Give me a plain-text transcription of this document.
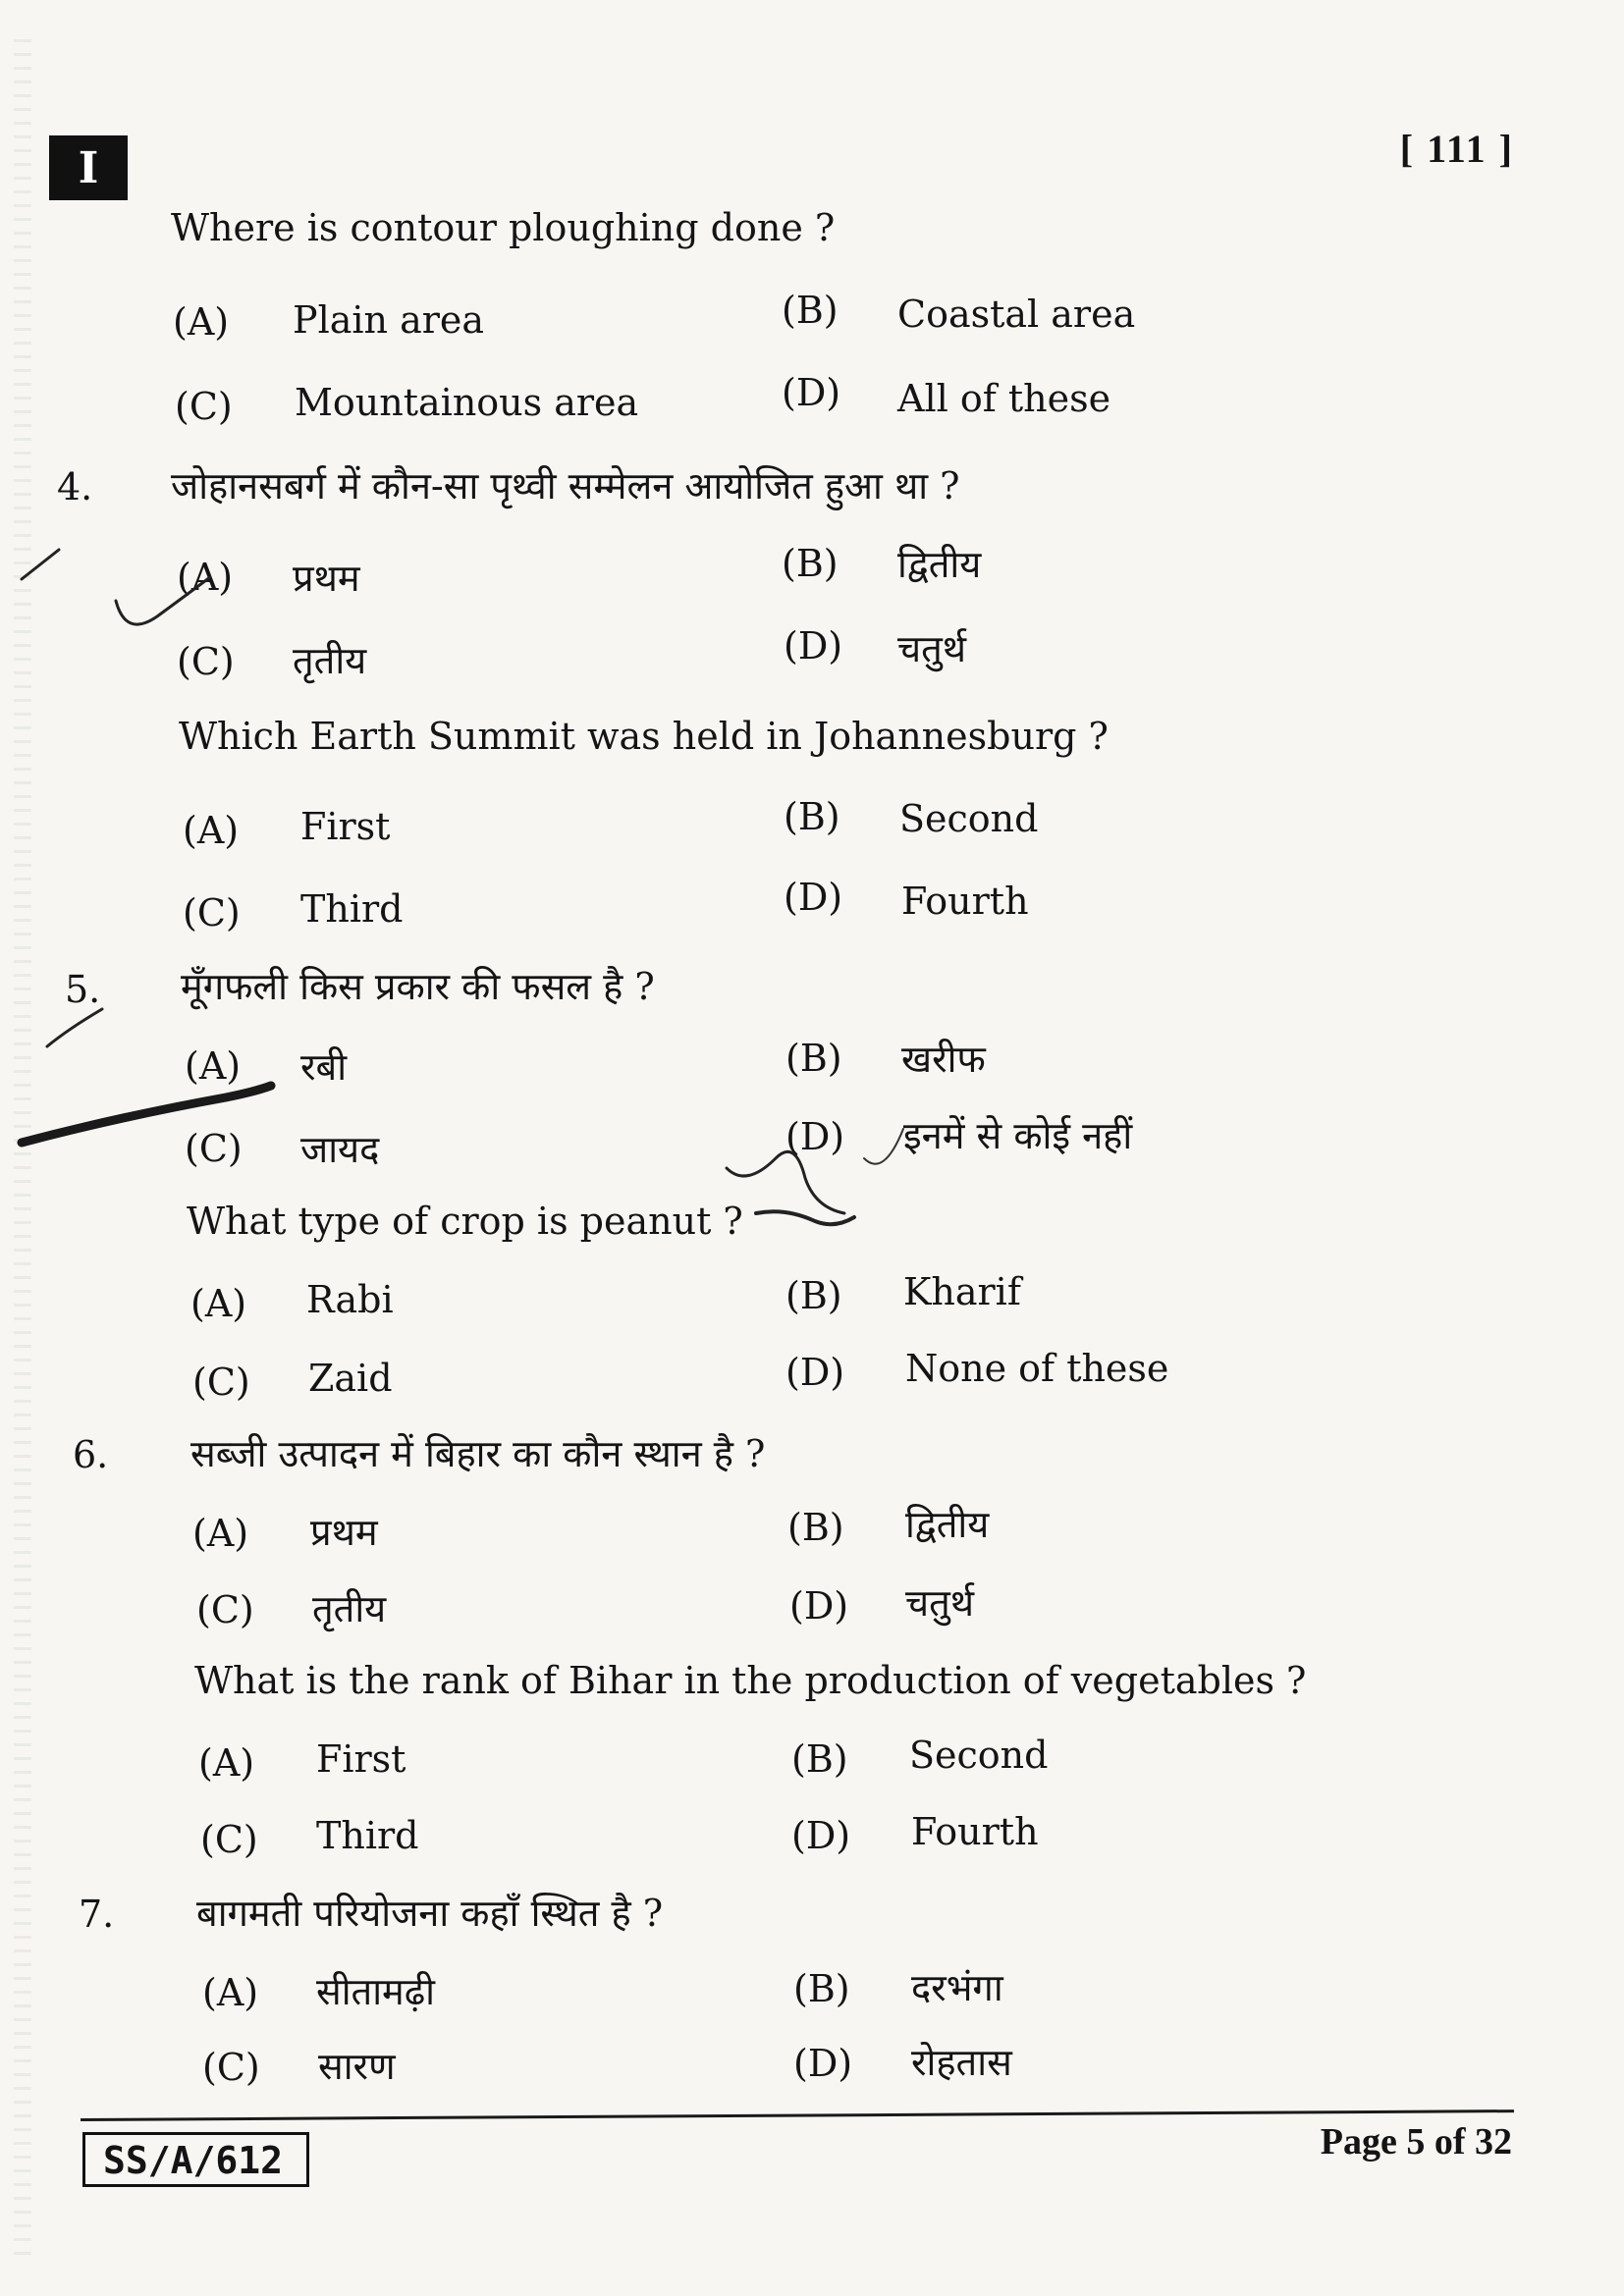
I	[ 111 ]
Where is contour ploughing done ?
(A) Plain area	(B) Coastal area
(C) Mountainous area	(D) All of these
4. जोहानसबर्ग में कौन-सा पृथ्वी सम्मेलन आयोजित हुआ था ?
(A) प्रथम	(B) द्वितीय
(C) तृतीय	(D) चतुर्थ
Which Earth Summit was held in Johannesburg ?
(A) First	(B) Second
(C) Third	(D) Fourth
5. मूँगफली किस प्रकार की फसल है ?
(A) रबी	(B) खरीफ
(C) जायद	(D) इनमें से कोई नहीं
What type of crop is peanut ?
(A) Rabi	(B) Kharif
(C) Zaid	(D) None of these
6. सब्जी उत्पादन में बिहार का कौन स्थान है ?
(A) प्रथम	(B) द्वितीय
(C) तृतीय	(D) चतुर्थ
What is the rank of Bihar in the production of vegetables ?
(A) First	(B) Second
(C) Third	(D) Fourth
7. बागमती परियोजना कहाँ स्थित है ?
(A) सीतामढ़ी	(B) दरभंगा
(C) सारण	(D) रोहतास
SS/A/612	Page 5 of 32
